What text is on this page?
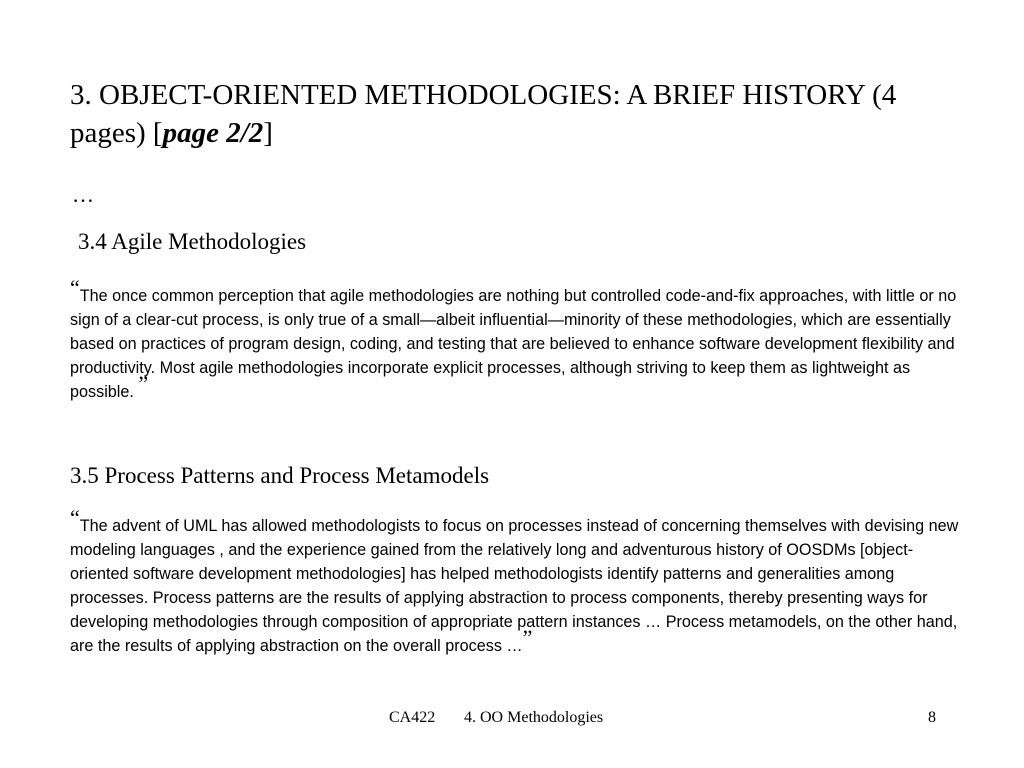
3. OBJECT-ORIENTED METHODOLOGIES: A BRIEF HISTORY (4 pages) [page 2/2]
…
3.4 Agile Methodologies

“The once common perception that agile methodologies are nothing but controlled code-and-fix approaches, with little or no sign of a clear-cut process, is only true of a small—albeit influential—minority of these methodologies, which are essentially based on practices of program design, coding, and testing that are believed to enhance software development flexibility and productivity. Most agile methodologies incorporate explicit processes, although striving to keep them as lightweight as possible. ”

3.5 Process Patterns and Process Metamodels

“The advent of UML has allowed methodologists to focus on processes instead of concerning themselves with devising new modeling languages , and the experience gained from the relatively long and adventurous history of OOSDMs [object-oriented software development methodologies] has helped methodologists identify patterns and generalities among processes. Process patterns are the results of applying abstraction to process components, thereby presenting ways for developing methodologies through composition of appropriate pattern instances … Process metamodels, on the other hand, are the results of applying abstraction on the overall process …”

CA422 4. OO Methodologies	8
